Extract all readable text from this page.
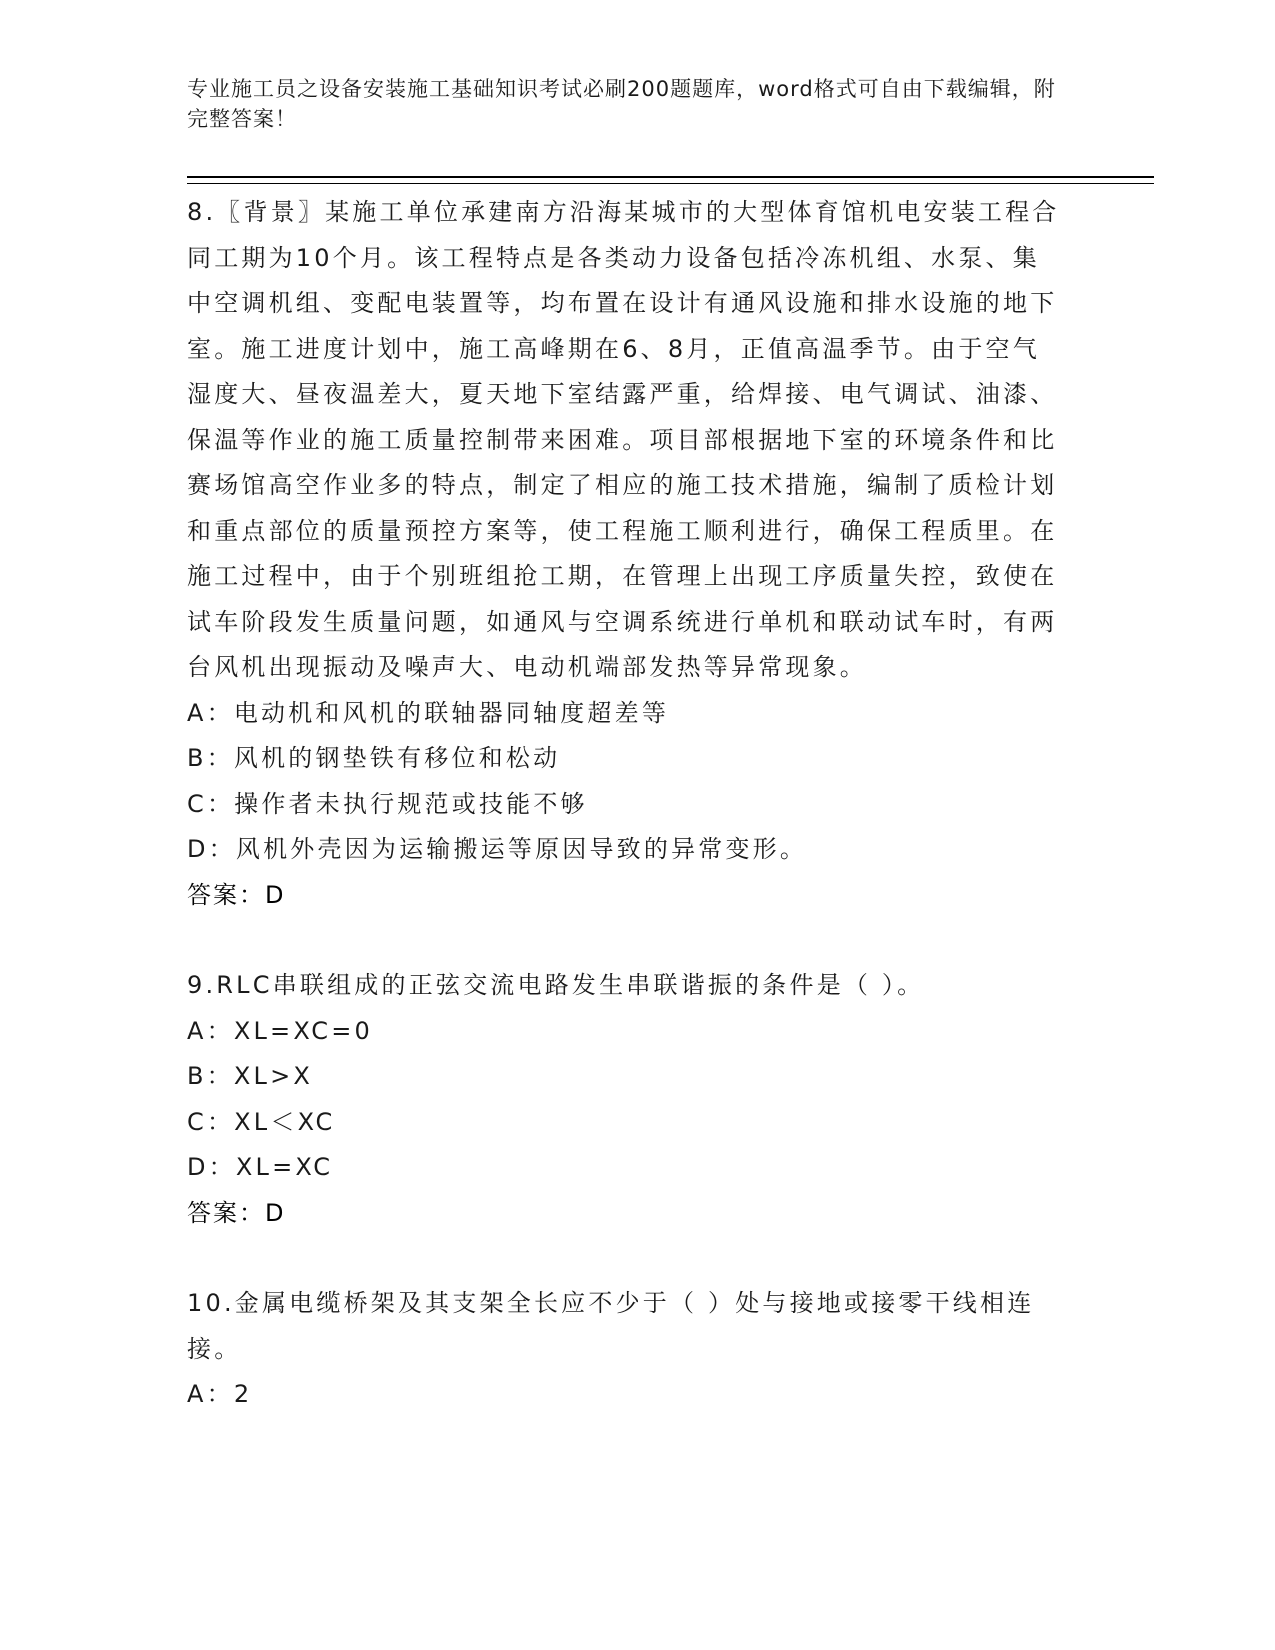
专业施工员之设备安装施工基础知识考试必刷200题题库，word格式可自由下载编辑，附完整答案！

8.〖背景〗某施工单位承建南方沿海某城市的大型体育馆机电安装工程合同工期为10个月。该工程特点是各类动力设备包括冷冻机组、水泵、集中空调机组、变配电装置等，均布置在设计有通风设施和排水设施的地下室。施工进度计划中，施工高峰期在6、8月，正值高温季节。由于空气湿度大、昼夜温差大，夏天地下室结露严重，给焊接、电气调试、油漆、保温等作业的施工质量控制带来困难。项目部根据地下室的环境条件和比赛场馆高空作业多的特点，制定了相应的施工技术措施，编制了质检计划和重点部位的质量预控方案等，使工程施工顺利进行，确保工程质里。在施工过程中，由于个别班组抢工期，在管理上出现工序质量失控，致使在试车阶段发生质量问题，如通风与空调系统进行单机和联动试车时，有两台风机出现振动及噪声大、电动机端部发热等异常现象。

A：电动机和风机的联轴器同轴度超差等

B：风机的钢垫铁有移位和松动

C：操作者未执行规范或技能不够

D：风机外壳因为运输搬运等原因导致的异常变形。

答案：D

9.RLC串联组成的正弦交流电路发生串联谐振的条件是（ ）。

A：XL=XC=0

B：XL>X

C：XL＜XC

D：XL=XC

答案：D

10.金属电缆桥架及其支架全长应不少于（ ）处与接地或接零干线相连接。

A：2
